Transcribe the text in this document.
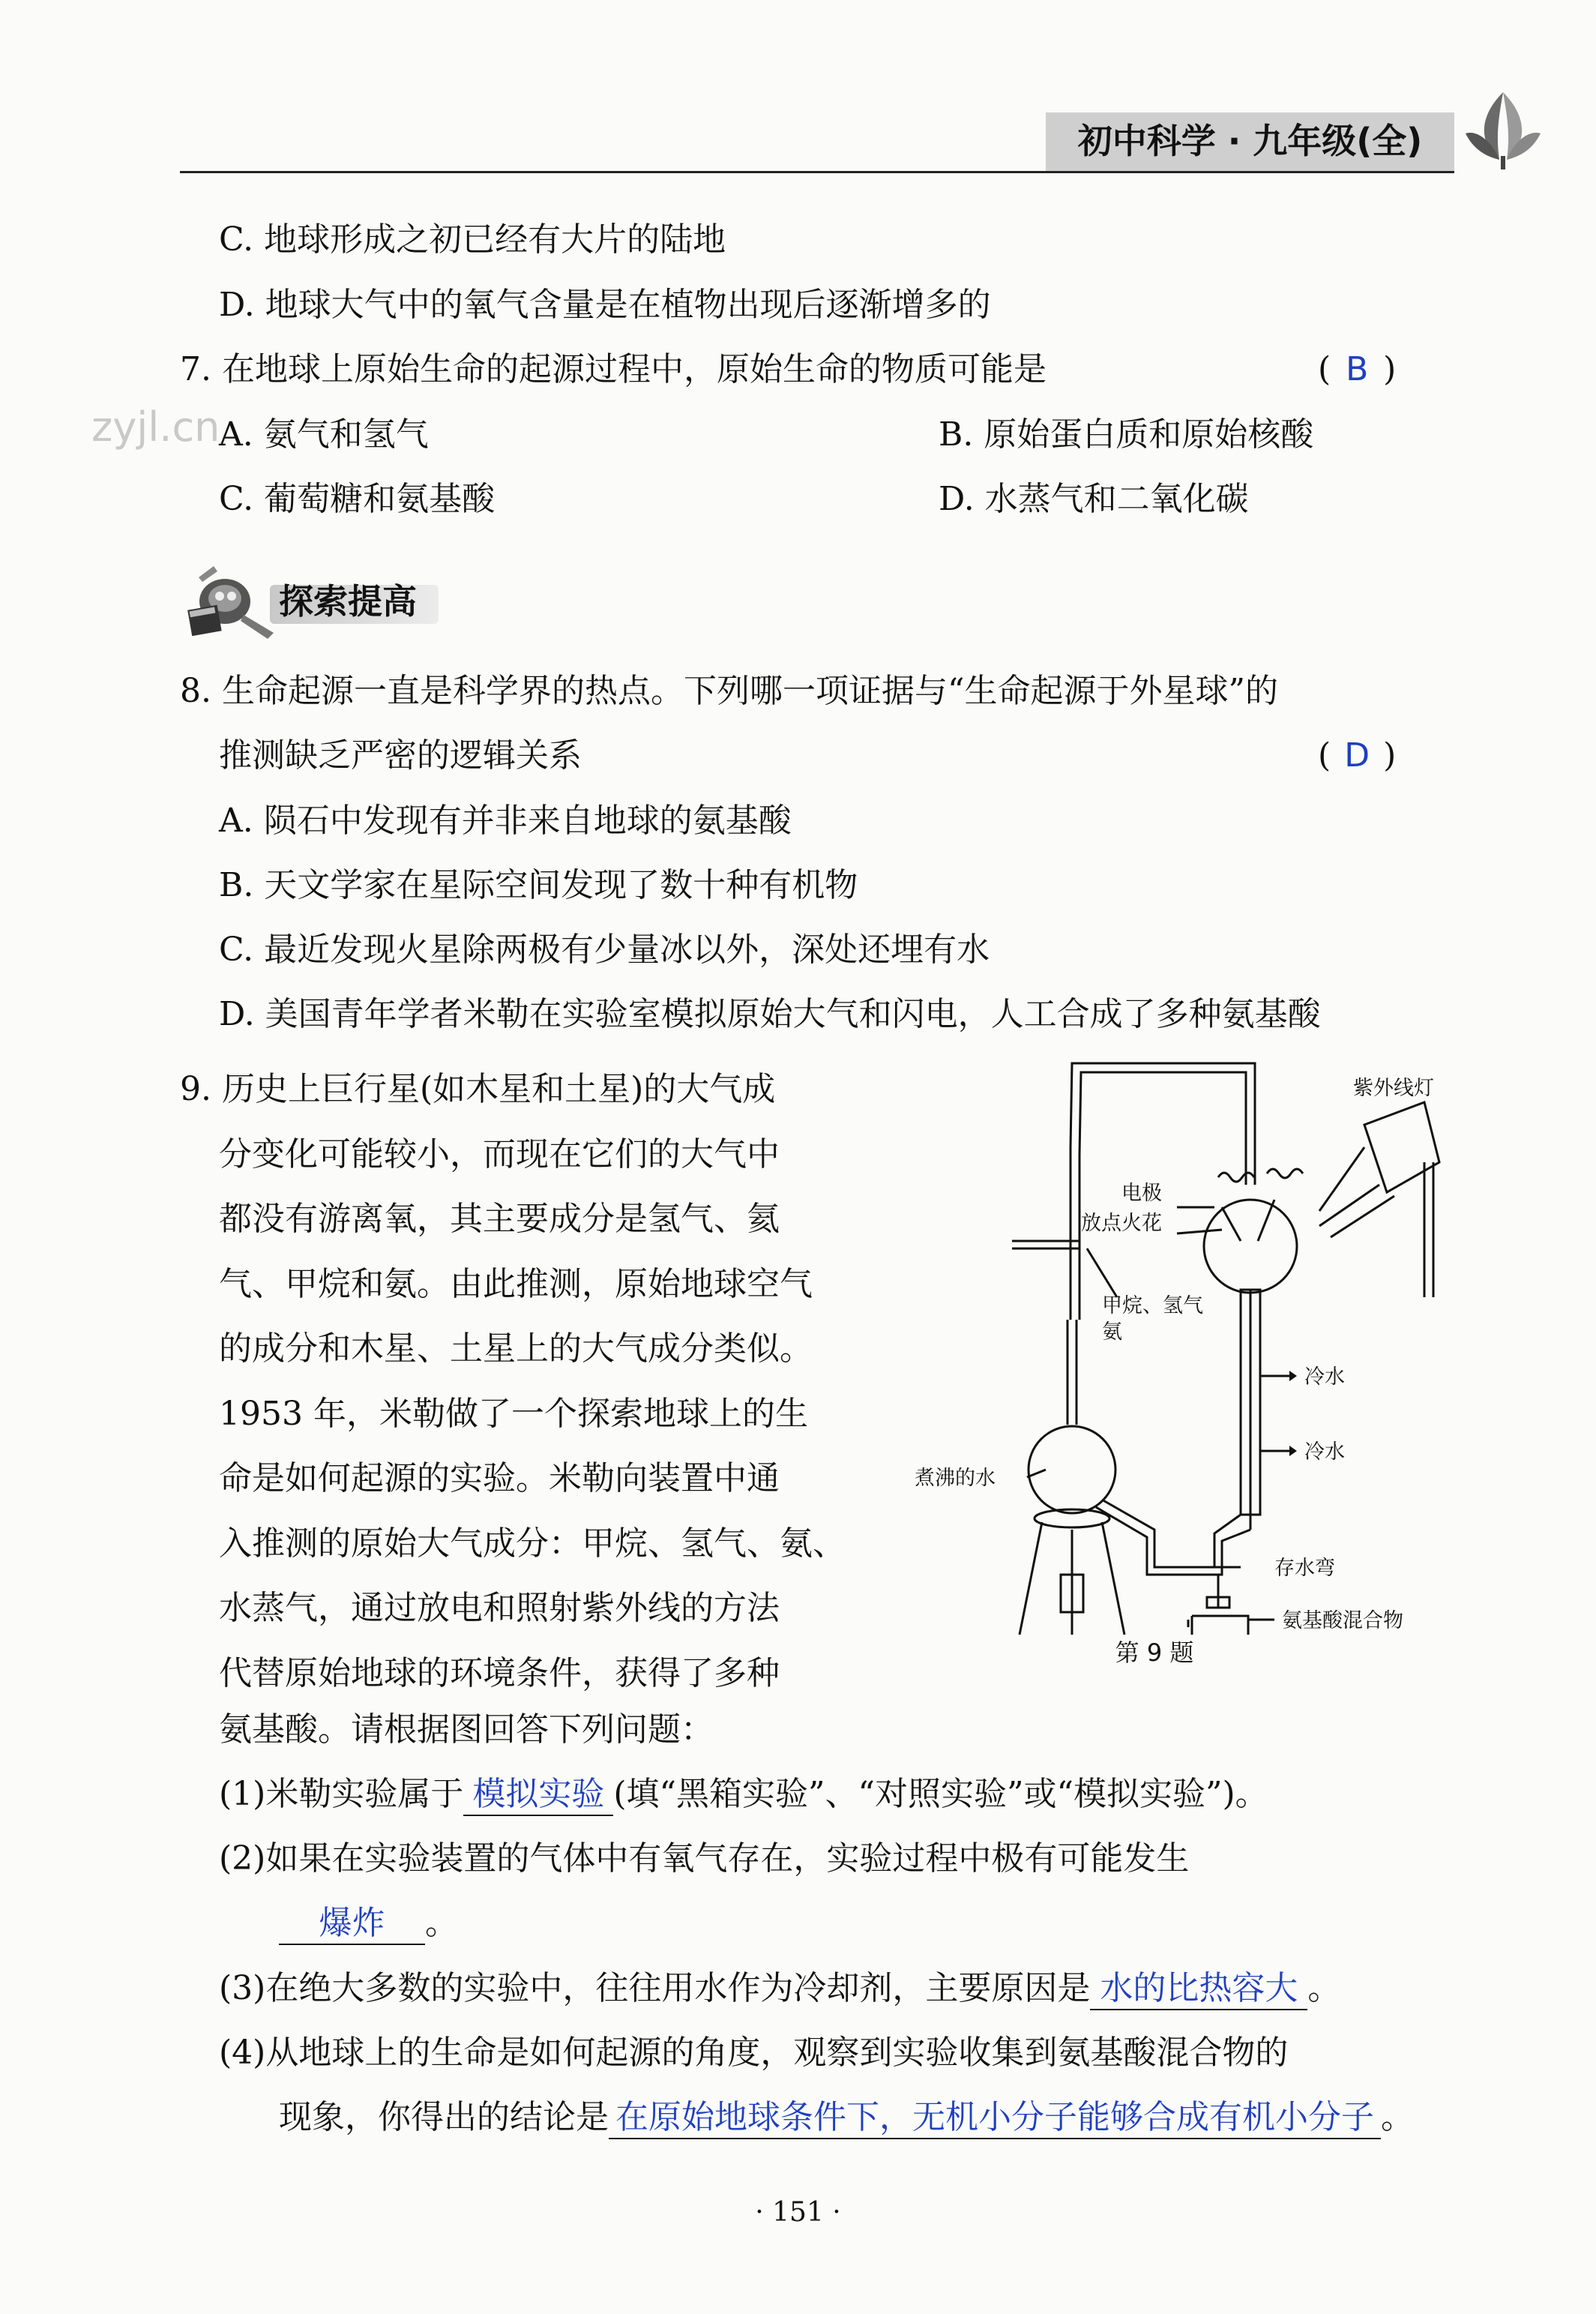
初中科学 · 九年级(全)
zyjl.cn
C. 地球形成之初已经有大片的陆地
D. 地球大气中的氧气含量是在植物出现后逐渐增多的
7. 在地球上原始生命的起源过程中，原始生命的物质可能是	( B )
A. 氨气和氢气	B. 原始蛋白质和原始核酸
C. 葡萄糖和氨基酸	D. 水蒸气和二氧化碳
探索提高
8. 生命起源一直是科学界的热点。下列哪一项证据与“生命起源于外星球”的
推测缺乏严密的逻辑关系	( D )
A. 陨石中发现有并非来自地球的氨基酸
B. 天文学家在星际空间发现了数十种有机物
C. 最近发现火星除两极有少量冰以外，深处还埋有水
D. 美国青年学者米勒在实验室模拟原始大气和闪电，人工合成了多种氨基酸
9. 历史上巨行星(如木星和土星)的大气成
分变化可能较小，而现在它们的大气中
都没有游离氧，其主要成分是氢气、氦
气、甲烷和氨。由此推测，原始地球空气
的成分和木星、土星上的大气成分类似。
1953 年，米勒做了一个探索地球上的生
命是如何起源的实验。米勒向装置中通
入推测的原始大气成分：甲烷、氢气、氨、
水蒸气，通过放电和照射紫外线的方法
代替原始地球的环境条件，获得了多种
氨基酸。请根据图回答下列问题：
(1)米勒实验属于 模拟实验 (填“黑箱实验”、“对照实验”或“模拟实验”)。
(2)如果在实验装置的气体中有氧气存在，实验过程中极有可能发生
爆炸 。
(3)在绝大多数的实验中，往往用水作为冷却剂，主要原因是 水的比热容大 。
(4)从地球上的生命是如何起源的角度，观察到实验收集到氨基酸混合物的
现象，你得出的结论是 在原始地球条件下，无机小分子能够合成有机小分子 。
紫外线灯
电极
放点火花
甲烷、氢气
氨
冷水
冷水
煮沸的水
存水弯
氨基酸混合物
第 9 题
· 151 ·
